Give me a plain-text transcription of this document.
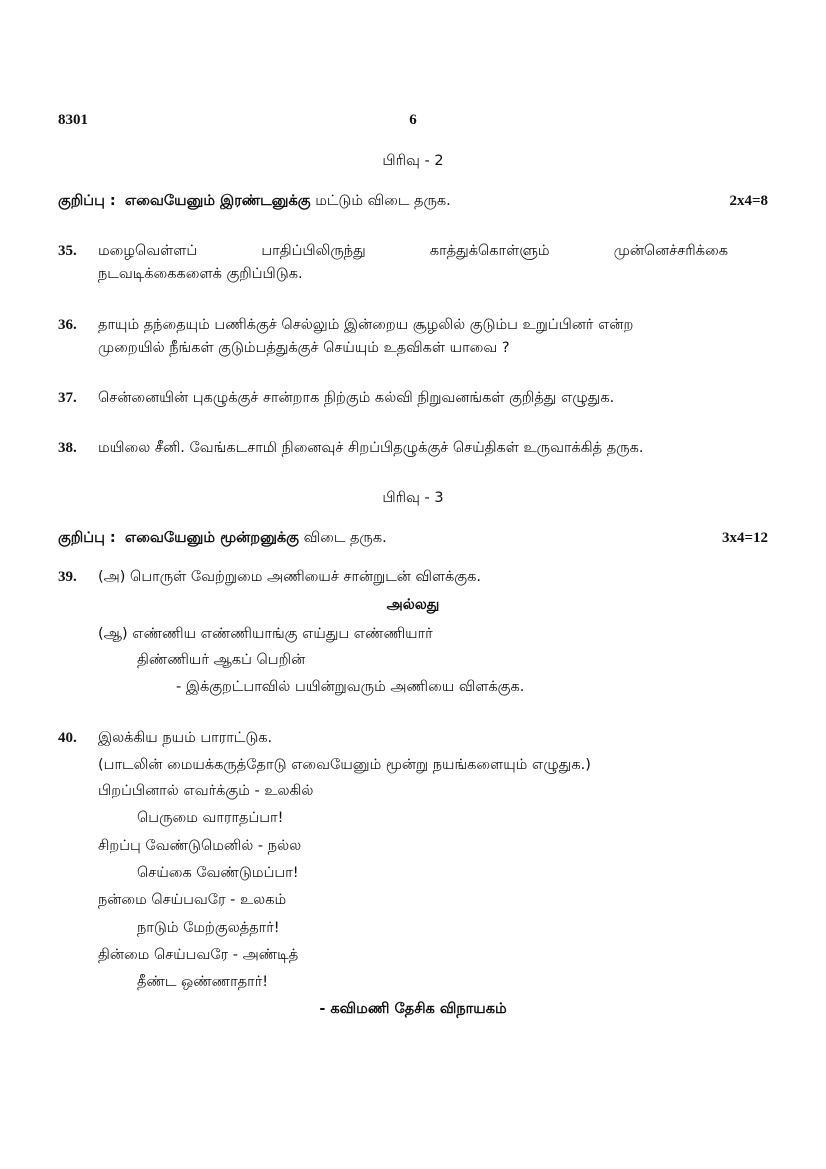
8301	6
பிரிவு - 2
குறிப்பு : எவையேனும் இரண்டனுக்கு மட்டும் விடை தருக.	2x4=8
35. மழைவெள்ளப்	பாதிப்பிலிருந்து	காத்துக்கொள்ளும்	முன்னெச்சரிக்கை
நடவடிக்கைகளைக் குறிப்பிடுக.
36. தாயும் தந்தையும் பணிக்குச் செல்லும் இன்றைய சூழலில் குடும்ப உறுப்பினர் என்ற
முறையில் நீங்கள் குடும்பத்துக்குச் செய்யும் உதவிகள் யாவை ?
37. சென்னையின் புகழுக்குச் சான்றாக நிற்கும் கல்வி நிறுவனங்கள் குறித்து எழுதுக.
38. மயிலை சீனி. வேங்கடசாமி நினைவுச் சிறப்பிதழுக்குச் செய்திகள் உருவாக்கித் தருக.
பிரிவு - 3
குறிப்பு : எவையேனும் மூன்றனுக்கு விடை தருக.	3x4=12
39. (அ) பொருள் வேற்றுமை அணியைச் சான்றுடன் விளக்குக.
அல்லது
(ஆ) எண்ணிய எண்ணியாங்கு எய்துப எண்ணியார்
திண்ணியர் ஆகப் பெறின்
- இக்குறட்பாவில் பயின்றுவரும் அணியை விளக்குக.
40. இலக்கிய நயம் பாராட்டுக.
(பாடலின் மையக்கருத்தோடு எவையேனும் மூன்று நயங்களையும் எழுதுக.)
பிறப்பினால் எவர்க்கும் - உலகில்
பெருமை வாராதப்பா!
சிறப்பு வேண்டுமெனில் - நல்ல
செய்கை வேண்டுமப்பா!
நன்மை செய்பவரே - உலகம்
நாடும் மேற்குலத்தார்!
தின்மை செய்பவரே - அண்டித்
தீண்ட ஒண்ணாதார்!
- கவிமணி தேசிக விநாயகம்
